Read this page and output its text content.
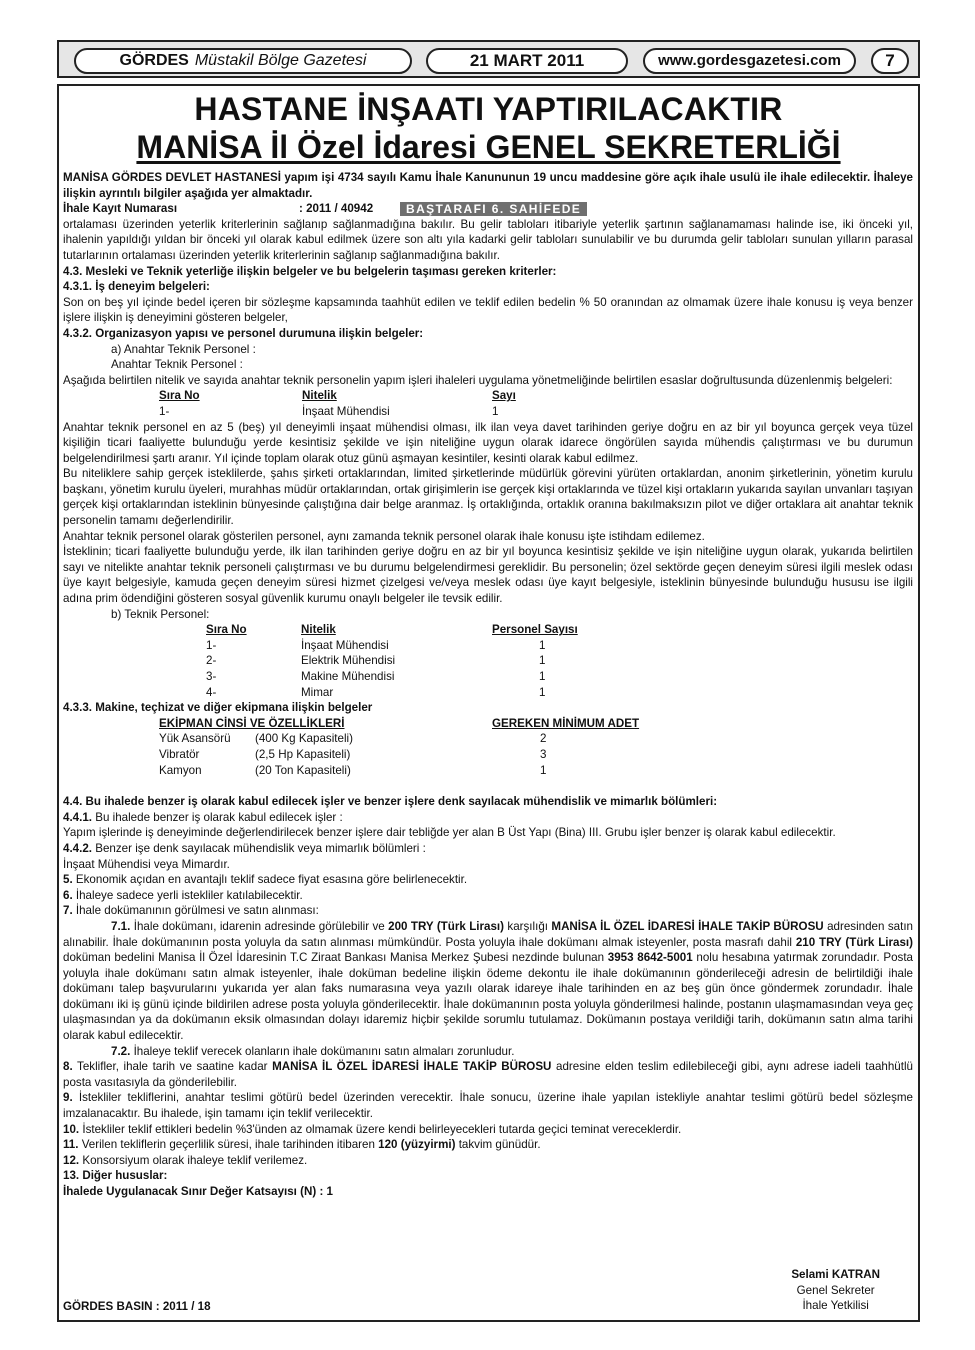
GÖRDES Müstakil Bölge Gazetesi	21 MART 2011	www.gordesgazetesi.com	7
HASTANE İNŞAATI YAPTIRILACAKTIR
MANİSA İl Özel İdaresi GENEL SEKRETERLİĞİ

MANİSA GÖRDES DEVLET HASTANESİ yapım işi 4734 sayılı Kamu İhale Kanununun 19 uncu maddesine göre açık ihale usulü ile ihale edilecektir. İhaleye ilişkin ayrıntılı bilgiler aşağıda yer almaktadır.

İhale Kayıt Numarası	: 2011 / 40942	BAŞTARAFI 6. SAHİFEDE

ortalaması üzerinden yeterlik kriterlerinin sağlanıp sağlanmadığına bakılır. Bu gelir tabloları itibariyle yeterlik şartının sağlanamaması halinde ise, iki önceki yıl, ihalenin yapıldığı yıldan bir önceki yıl olarak kabul edilmek üzere son altı yıla kadarki gelir tabloları sunulabilir ve bu durumda gelir tabloları sunulan yılların parasal tutarlarının ortalaması üzerinden yeterlik kriterlerinin sağlanıp sağlanmadığına bakılır.

4.3. Mesleki ve Teknik yeterliğe ilişkin belgeler ve bu belgelerin taşıması gereken kriterler:

4.3.1. İş deneyim belgeleri:

Son on beş yıl içinde bedel içeren bir sözleşme kapsamında taahhüt edilen ve teklif edilen bedelin % 50 oranından az olmamak üzere ihale konusu iş veya benzer işlere ilişkin iş deneyimini gösteren belgeler,

4.3.2. Organizasyon yapısı ve personel durumuna ilişkin belgeler:

a) Anahtar Teknik Personel :

Anahtar Teknik Personel :

Aşağıda belirtilen nitelik ve sayıda anahtar teknik personelin yapım işleri ihaleleri uygulama yönetmeliğinde belirtilen esaslar doğrultusunda düzenlenmiş belgeleri:

Sıra No	Nitelik	Sayı
1-	İnşaat Mühendisi	1

Anahtar teknik personel en az 5 (beş) yıl deneyimli inşaat mühendisi olması, ilk ilan veya davet tarihinden geriye doğru en az bir yıl boyunca gerçek veya tüzel kişiliğin ticari faaliyette bulunduğu yerde kesintisiz şekilde ve işin niteliğine uygun olarak idarece öngörülen sayıda mühendis çalıştırması ve bu durumun belgelendirilmesi şartı aranır. Yıl içinde toplam olarak otuz günü aşmayan kesintiler, kesinti olarak kabul edilmez.

Bu niteliklere sahip gerçek isteklilerde, şahıs şirketi ortaklarından, limited şirketlerinde müdürlük görevini yürüten ortaklardan, anonim şirketlerinin, yönetim kurulu başkanı, yönetim kurulu üyeleri, murahhas müdür ortaklarından, ortak girişimlerin ise gerçek kişi ortaklarında ve tüzel kişi ortakların yukarıda sayılan unvanları taşıyan gerçek kişi ortaklarından isteklinin bünyesinde çalıştığına dair belge aranmaz. İş ortaklığında, ortaklık oranına bakılmaksızın pilot ve diğer ortaklara ait anahtar teknik personelin tamamı değerlendirilir.

Anahtar teknik personel olarak gösterilen personel, aynı zamanda teknik personel olarak ihale konusu işte istihdam edilemez.

İsteklinin; ticari faaliyette bulunduğu yerde, ilk ilan tarihinden geriye doğru en az bir yıl boyunca kesintisiz şekilde ve işin niteliğine uygun olarak, yukarıda belirtilen sayı ve nitelikte anahtar teknik personeli çalıştırması ve bu durumu belgelendirmesi gereklidir. Bu personelin; özel sektörde geçen deneyim süresi ilgili meslek odası üye kayıt belgesiyle, kamuda geçen deneyim süresi hizmet çizelgesi ve/veya meslek odası üye kayıt belgesiyle, isteklinin bünyesinde bulunduğu hususu ise ilgili adına prim ödendiğini gösteren sosyal güvenlik kurumu onaylı belgeler ile tevsik edilir.

b) Teknik Personel:

Sıra No	Nitelik	Personel Sayısı
1-	İnşaat Mühendisi	1
2-	Elektrik Mühendisi	1
3-	Makine Mühendisi	1
4-	Mimar	1

4.3.3. Makine, teçhizat ve diğer ekipmana ilişkin belgeler

EKİPMAN CİNSİ VE ÖZELLİKLERİ	GEREKEN MİNİMUM ADET
Yük Asansörü	(400 Kg Kapasiteli)	2
Vibratör	(2,5 Hp Kapasiteli)	3
Kamyon	(20 Ton Kapasiteli)	1

4.4. Bu ihalede benzer iş olarak kabul edilecek işler ve benzer işlere denk sayılacak mühendislik ve mimarlık bölümleri:

4.4.1. Bu ihalede benzer iş olarak kabul edilecek işler :

Yapım işlerinde iş deneyiminde değerlendirilecek benzer işlere dair tebliğde yer alan B Üst Yapı (Bina) III. Grubu işler benzer iş olarak kabul edilecektir.

4.4.2. Benzer işe denk sayılacak mühendislik veya mimarlık bölümleri :

İnşaat Mühendisi veya Mimardır.

5. Ekonomik açıdan en avantajlı teklif sadece fiyat esasına göre belirlenecektir.

6. İhaleye sadece yerli istekliler katılabilecektir.

7. İhale dokümanının görülmesi ve satın alınması:

7.1. İhale dokümanı, idarenin adresinde görülebilir ve 200 TRY (Türk Lirası) karşılığı MANİSA İL ÖZEL İDARESİ İHALE TAKİP BÜROSU adresinden satın alınabilir. İhale dokümanının posta yoluyla da satın alınması mümkündür. Posta yoluyla ihale dokümanı almak isteyenler, posta masrafı dahil 210 TRY (Türk Lirası) doküman bedelini Manisa İl Özel İdaresinin T.C Ziraat Bankası Manisa Merkez Şubesi nezdinde bulunan 3953 8642-5001 nolu hesabına yatırmak zorundadır. Posta yoluyla ihale dokümanı satın almak isteyenler, ihale doküman bedeline ilişkin ödeme dekontu ile ihale dokümanının gönderileceği adresin de belirtildiği ihale dokümanı talep başvurularını yukarıda yer alan faks numarasına veya yazılı olarak idareye ihale tarihinden en az beş gün önce göndermek zorundadır. İhale dokümanı iki iş günü içinde bildirilen adrese posta yoluyla gönderilecektir. İhale dokümanının posta yoluyla gönderilmesi halinde, postanın ulaşmamasından veya geç ulaşmasından ya da dokümanın eksik olmasından dolayı idaremiz hiçbir şekilde sorumlu tutulamaz. Dokümanın postaya verildiği tarih, dokümanın satın alma tarihi olarak kabul edilecektir.

7.2. İhaleye teklif verecek olanların ihale dokümanını satın almaları zorunludur.

8. Teklifler, ihale tarih ve saatine kadar MANİSA İL ÖZEL İDARESİ İHALE TAKİP BÜROSU adresine elden teslim edilebileceği gibi, aynı adrese iadeli taahhütlü posta vasıtasıyla da gönderilebilir.

9. İstekliler tekliflerini, anahtar teslimi götürü bedel üzerinden verecektir. İhale sonucu, üzerine ihale yapılan istekliyle anahtar teslimi götürü bedel sözleşme imzalanacaktır. Bu ihalede, işin tamamı için teklif verilecektir.

10. İstekliler teklif ettikleri bedelin %3'ünden az olmamak üzere kendi belirleyecekleri tutarda geçici teminat vereceklerdir.

11. Verilen tekliflerin geçerlilik süresi, ihale tarihinden itibaren 120 (yüzyirmi) takvim günüdür.

12. Konsorsiyum olarak ihaleye teklif verilemez.

13. Diğer hususlar:

İhalede Uygulanacak Sınır Değer Katsayısı (N) : 1

Selami KATRAN

Genel Sekreter

İhale Yetkilisi

GÖRDES BASIN : 2011 / 18
